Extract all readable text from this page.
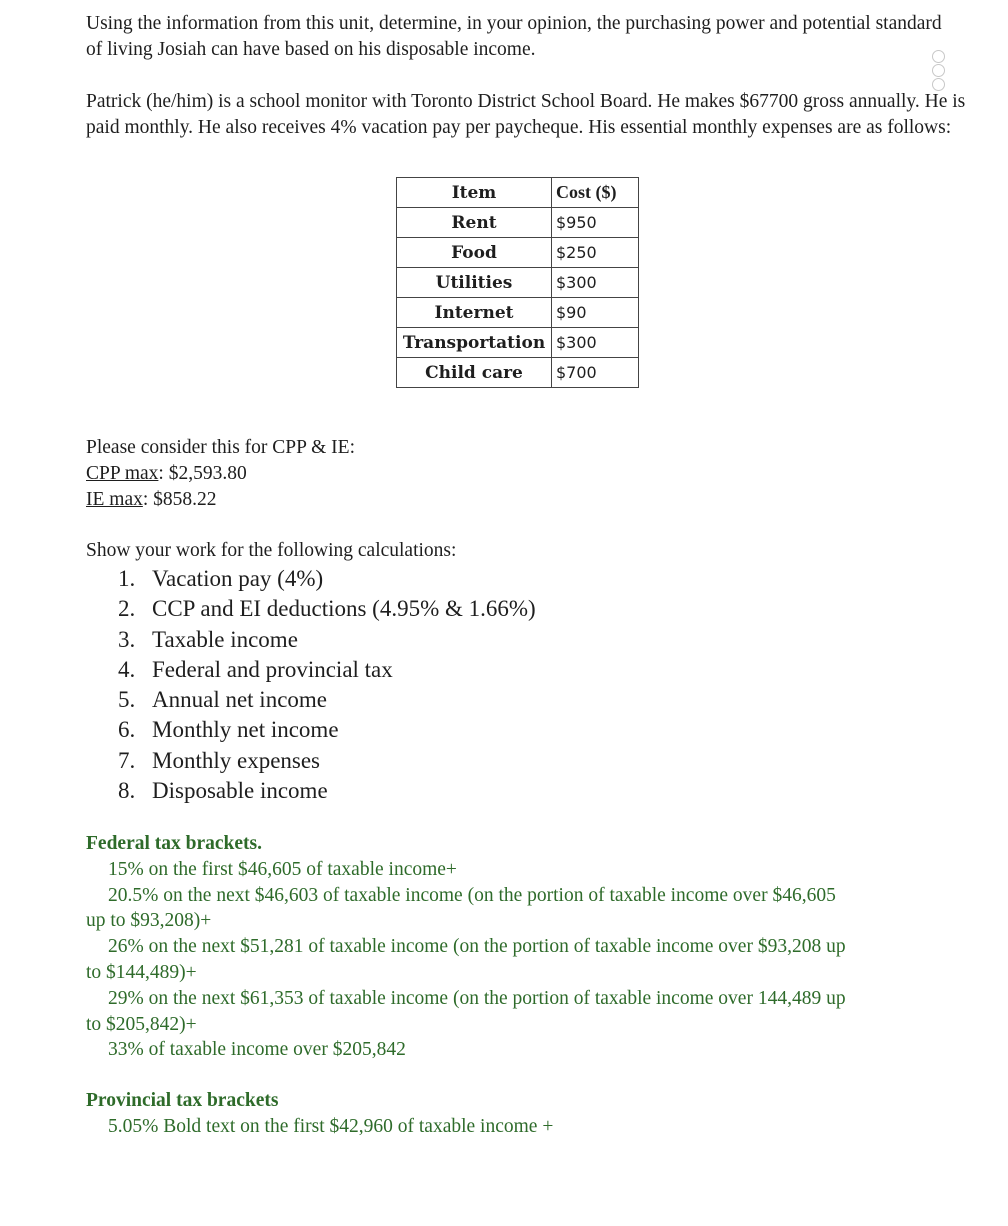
Using the information from this unit, determine, in your opinion, the purchasing power and potential standard of living Josiah can have based on his disposable income.
Patrick (he/him) is a school monitor with Toronto District School Board. He makes $67700 gross annually. He is paid monthly. He also receives 4% vacation pay per paycheque. His essential monthly expenses are as follows:
Item	Cost ($)
Rent	$950
Food	$250
Utilities	$300
Internet	$90
Transportation	$300
Child care	$700
Please consider this for CPP & IE:
CPP max: $2,593.80
IE max: $858.22
Show your work for the following calculations:
1. Vacation pay (4%)
2. CCP and EI deductions (4.95% & 1.66%)
3. Taxable income
4. Federal and provincial tax
5. Annual net income
6. Monthly net income
7. Monthly expenses
8. Disposable income
Federal tax brackets.
15% on the first $46,605 of taxable income+
20.5% on the next $46,603 of taxable income (on the portion of taxable income over $46,605
up to $93,208)+
26% on the next $51,281 of taxable income (on the portion of taxable income over $93,208 up
to $144,489)+
29% on the next $61,353 of taxable income (on the portion of taxable income over 144,489 up
to $205,842)+
33% of taxable income over $205,842
Provincial tax brackets
5.05% Bold text on the first $42,960 of taxable income +
